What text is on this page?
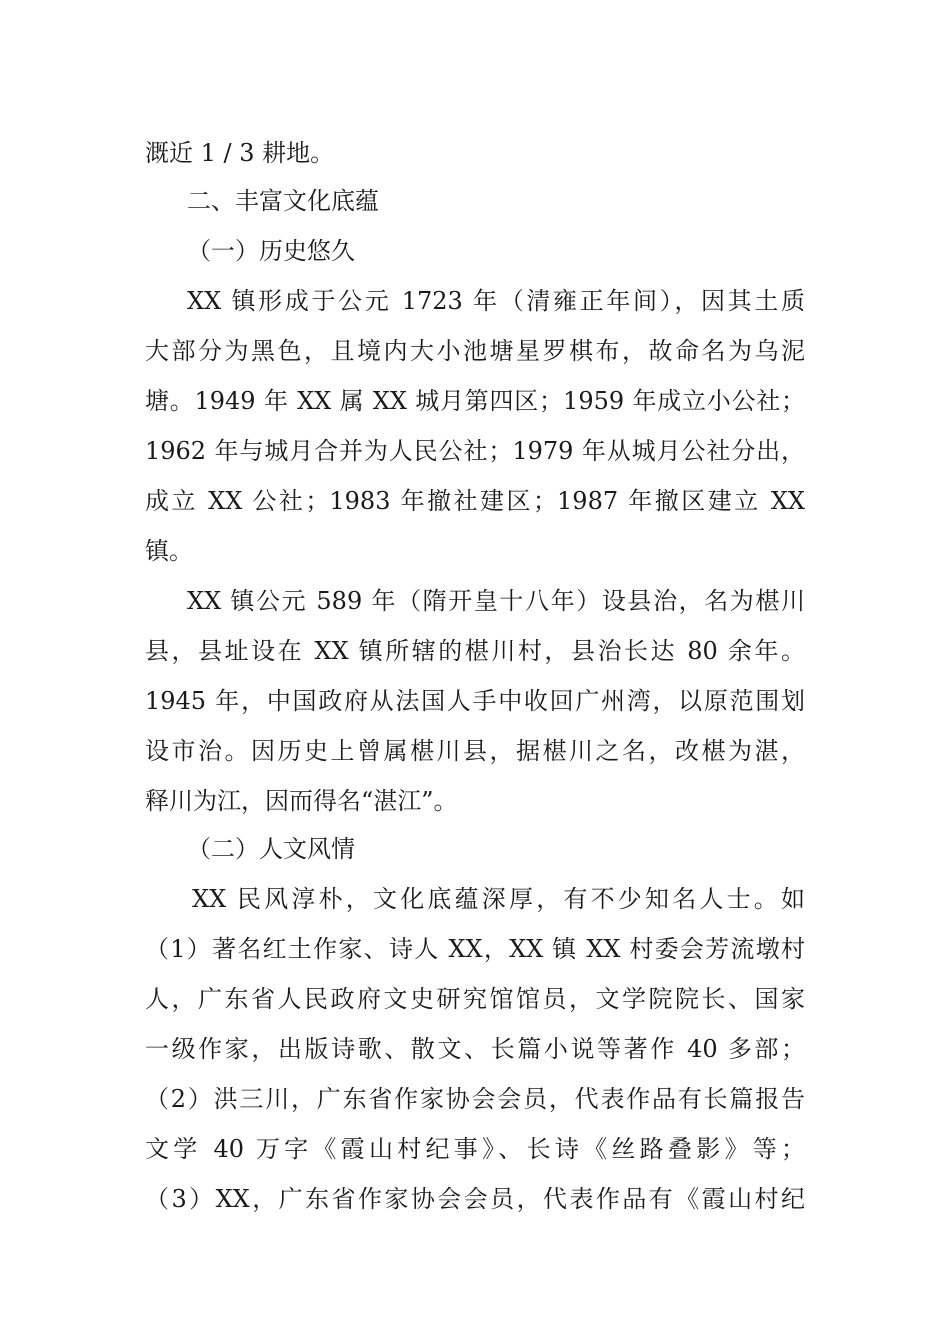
溉近 1 / 3 耕地。
二、丰富文化底蕴
（一）历史悠久
XX 镇形成于公元 1723 年（清雍正年间），因其土质
大部分为黑色，且境内大小池塘星罗棋布，故命名为乌泥
塘。1949 年 XX 属 XX 城月第四区；1959 年成立小公社；
1962 年与城月合并为人民公社；1979 年从城月公社分出，
成立 XX 公社；1983 年撤社建区；1987 年撤区建立 XX
镇。
XX 镇公元 589 年（隋开皇十八年）设县治，名为椹川
县，县址设在 XX 镇所辖的椹川村，县治长达 80 余年。
1945 年，中国政府从法国人手中收回广州湾，以原范围划
设市治。因历史上曾属椹川县，据椹川之名，改椹为湛，
释川为江，因而得名“湛江”。
（二）人文风情
XX 民风淳朴，文化底蕴深厚，有不少知名人士。如
（1）著名红土作家、诗人 XX，XX 镇 XX 村委会芳流墩村
人，广东省人民政府文史研究馆馆员，文学院院长、国家
一级作家，出版诗歌、散文、长篇小说等著作 40 多部；
（2）洪三川，广东省作家协会会员，代表作品有长篇报告
文学 40 万字《霞山村纪事》、长诗《丝路叠影》等；
（3）XX，广东省作家协会会员，代表作品有《霞山村纪
